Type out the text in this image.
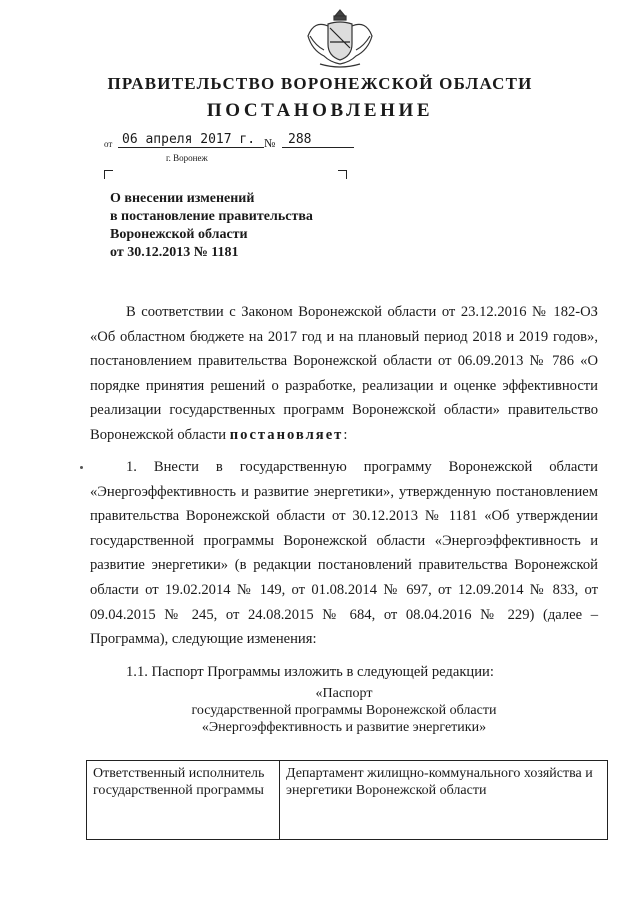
ПРАВИТЕЛЬСТВО ВОРОНЕЖСКОЙ ОБЛАСТИ
ПОСТАНОВЛЕНИЕ
от 06 апреля 2017 г. № 288
г. Воронеж
О внесении изменений
в постановление правительства
Воронежской области
от 30.12.2013 № 1181
В соответствии с Законом Воронежской области от 23.12.2016 № 182-ОЗ «Об областном бюджете на 2017 год и на плановый период 2018 и 2019 годов», постановлением правительства Воронежской области от 06.09.2013 № 786 «О порядке принятия решений о разработке, реализации и оценке эффективности реализации государственных программ Воронежской области» правительство Воронежской области постановляет:
1. Внести в государственную программу Воронежской области «Энергоэффективность и развитие энергетики», утвержденную постановлением правительства Воронежской области от 30.12.2013 № 1181 «Об утверждении государственной программы Воронежской области «Энергоэффективность и развитие энергетики» (в редакции постановлений правительства Воронежской области от 19.02.2014 № 149, от 01.08.2014 № 697, от 12.09.2014 № 833, от 09.04.2015 № 245, от 24.08.2015 № 684, от 08.04.2016 № 229) (далее – Программа), следующие изменения:
1.1. Паспорт Программы изложить в следующей редакции:
«Паспорт
государственной программы Воронежской области
«Энергоэффективность и развитие энергетики»
Ответственный исполнитель государственной программы	Департамент жилищно-коммунального хозяйства и энергетики Воронежской области
